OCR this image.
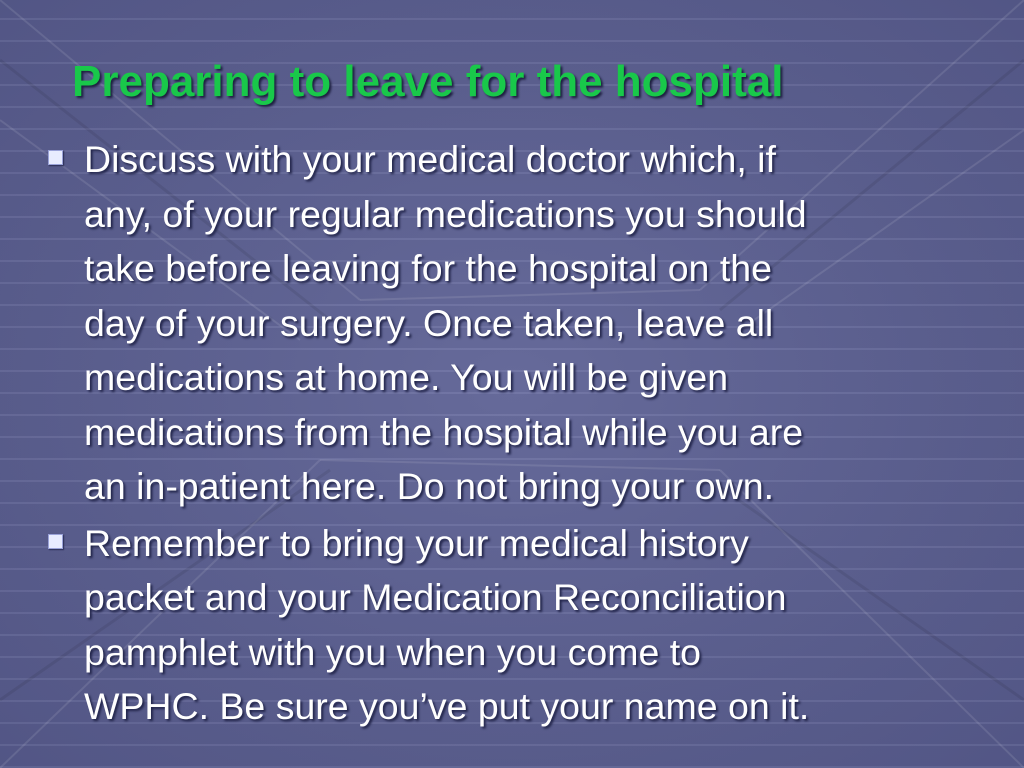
Preparing to leave for the hospital
Discuss with your medical doctor which, if
any, of your regular medications you should
take before leaving for the hospital on the
day of your surgery. Once taken, leave all
medications at home. You will be given
medications from the hospital while you are
an in-patient here. Do not bring your own.
Remember to bring your medical history
packet and your Medication Reconciliation
pamphlet with you when you come to
WPHC. Be sure you’ve put your name on it.
